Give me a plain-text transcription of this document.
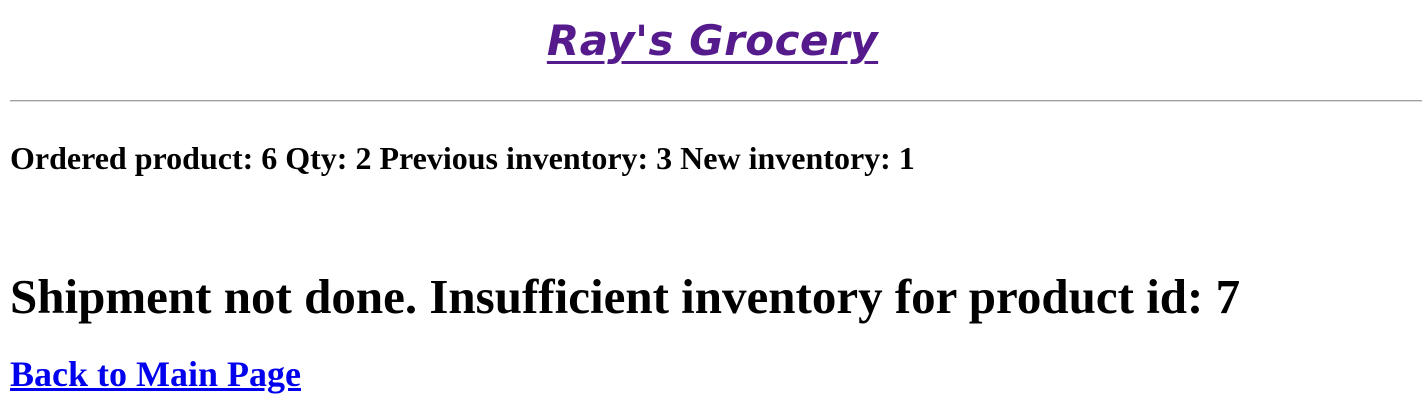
Ray's Grocery
Ordered product: 6 Qty: 2 Previous inventory: 3 New inventory: 1
Shipment not done. Insufficient inventory for product id: 7
Back to Main Page
